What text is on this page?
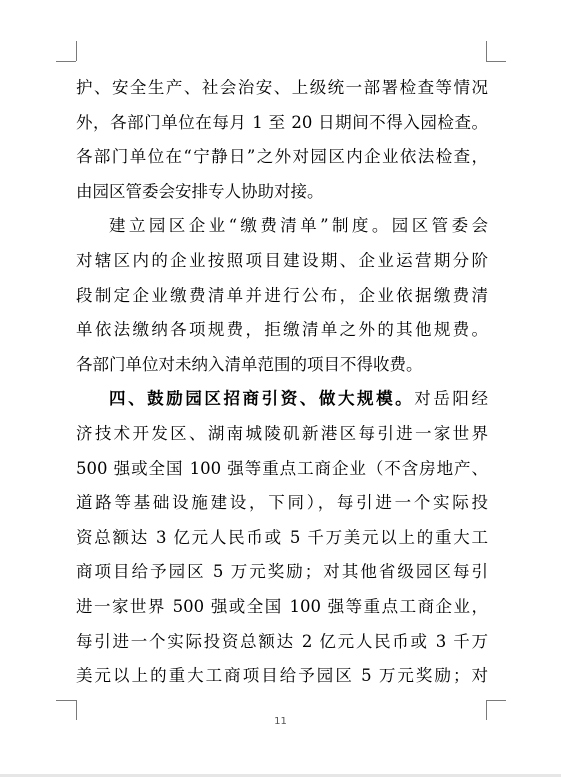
护、安全生产、社会治安、上级统一部署检查等情况
外，各部门单位在每月 1 至 20 日期间不得入园检查。
各部门单位在“宁静日”之外对园区内企业依法检查，
由园区管委会安排专人协助对接。
建立园区企业“缴费清单”制度。园区管委会
对辖区内的企业按照项目建设期、企业运营期分阶
段制定企业缴费清单并进行公布，企业依据缴费清
单依法缴纳各项规费，拒缴清单之外的其他规费。
各部门单位对未纳入清单范围的项目不得收费。
四、鼓励园区招商引资、做大规模。对岳阳经
济技术开发区、湖南城陵矶新港区每引进一家世界
500 强或全国 100 强等重点工商企业（不含房地产、
道路等基础设施建设，下同），每引进一个实际投
资总额达 3 亿元人民币或 5 千万美元以上的重大工
商项目给予园区 5 万元奖励；对其他省级园区每引
进一家世界 500 强或全国 100 强等重点工商企业，
每引进一个实际投资总额达 2 亿元人民币或 3 千万
美元以上的重大工商项目给予园区 5 万元奖励；对
11
